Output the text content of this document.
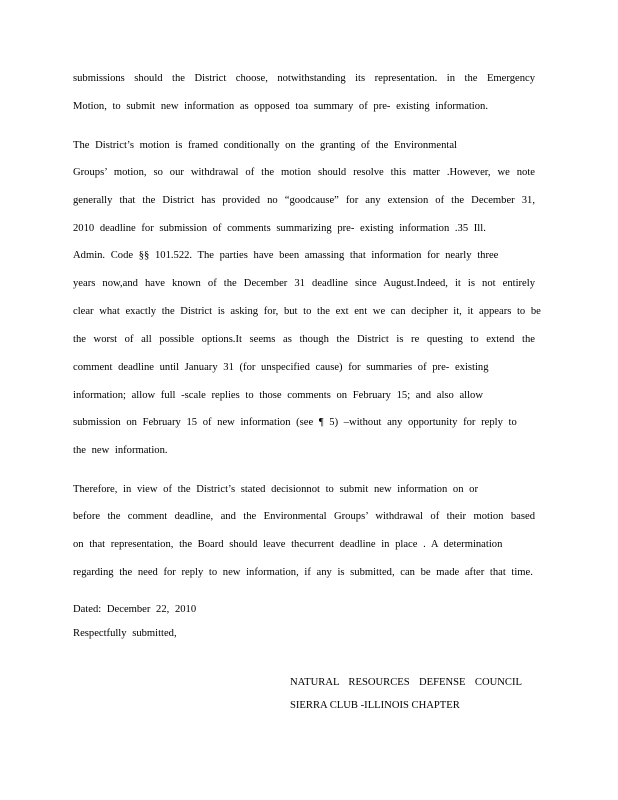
submissions should the District choose, notwithstanding its representation. in the Emergency
Motion, to submit new information as opposed toa summary of pre- existing information.
The District’s motion is framed conditionally on the granting of the Environmental
Groups’ motion, so our withdrawal of the motion should resolve this matter .However, we note
generally that the District has provided no “goodcause” for any extension of the December 31,
2010 deadline for submission of comments summarizing pre- existing information .35 Ill.
Admin. Code §§ 101.522. The parties have been amassing that information for nearly three
years now,and have known of the December 31 deadline since August.Indeed, it is not entirely
clear what exactly the District is asking for, but to the ext ent we can decipher it, it appears to be
the worst of all possible options.It seems as though the District is re questing to extend the
comment deadline until January 31 (for unspecified cause) for summaries of pre- existing
information; allow full -scale replies to those comments on February 15; and also allow
submission on February 15 of new information (see ¶ 5) –without any opportunity for reply to
the new information.
Therefore, in view of the District’s stated decisionnot to submit new information on or
before the comment deadline, and the Environmental Groups’ withdrawal of their motion based
on that representation, the Board should leave thecurrent deadline in place . A determination
regarding the need for reply to new information, if any is submitted, can be made after that time.
Dated: December 22, 2010
Respectfully submitted,
NATURAL RESOURCES DEFENSE COUNCIL
SIERRA CLUB -ILLINOIS CHAPTER
